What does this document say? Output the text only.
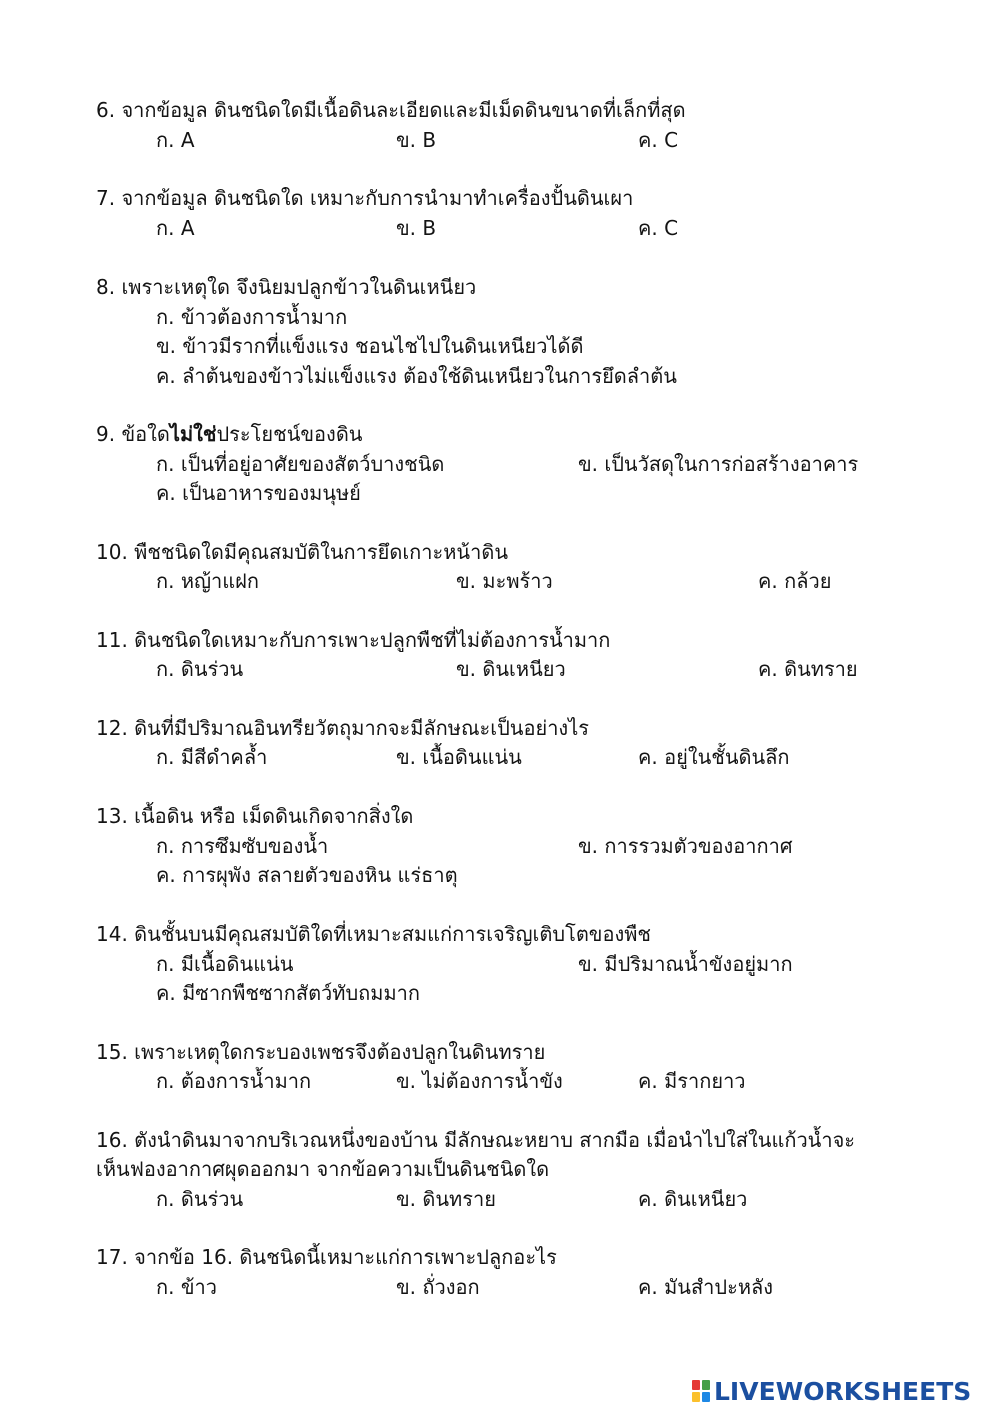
6. จากข้อมูล ดินชนิดใดมีเนื้อดินละเอียดและมีเม็ดดินขนาดที่เล็กที่สุด
ก. A	ข. B	ค. C
7. จากข้อมูล ดินชนิดใด เหมาะกับการนำมาทำเครื่องปั้นดินเผา
ก. A	ข. B	ค. C
8. เพราะเหตุใด จึงนิยมปลูกข้าวในดินเหนียว
ก. ข้าวต้องการน้ำมาก
ข. ข้าวมีรากที่แข็งแรง ชอนไชไปในดินเหนียวได้ดี
ค. ลำต้นของข้าวไม่แข็งแรง ต้องใช้ดินเหนียวในการยึดลำต้น
9. ข้อใดไม่ใช่ประโยชน์ของดิน
ก. เป็นที่อยู่อาศัยของสัตว์บางชนิด	ข. เป็นวัสดุในการก่อสร้างอาคาร
ค. เป็นอาหารของมนุษย์
10. พืชชนิดใดมีคุณสมบัติในการยึดเกาะหน้าดิน
ก. หญ้าแฝก	ข. มะพร้าว	ค. กล้วย
11. ดินชนิดใดเหมาะกับการเพาะปลูกพืชที่ไม่ต้องการน้ำมาก
ก. ดินร่วน	ข. ดินเหนียว	ค. ดินทราย
12. ดินที่มีปริมาณอินทรียวัตถุมากจะมีลักษณะเป็นอย่างไร
ก. มีสีดำคล้ำ	ข. เนื้อดินแน่น	ค. อยู่ในชั้นดินลึก
13. เนื้อดิน หรือ เม็ดดินเกิดจากสิ่งใด
ก. การซึมซับของน้ำ	ข. การรวมตัวของอากาศ
ค. การผุพัง สลายตัวของหิน แร่ธาตุ
14. ดินชั้นบนมีคุณสมบัติใดที่เหมาะสมแก่การเจริญเติบโตของพืช
ก. มีเนื้อดินแน่น	ข. มีปริมาณน้ำขังอยู่มาก
ค. มีซากพืชซากสัตว์ทับถมมาก
15. เพราะเหตุใดกระบองเพชรจึงต้องปลูกในดินทราย
ก. ต้องการน้ำมาก	ข. ไม่ต้องการน้ำขัง	ค. มีรากยาว
16. ตังนำดินมาจากบริเวณหนึ่งของบ้าน มีลักษณะหยาบ สากมือ เมื่อนำไปใส่ในแก้วน้ำจะ
เห็นฟองอากาศผุดออกมา จากข้อความเป็นดินชนิดใด
ก. ดินร่วน	ข. ดินทราย	ค. ดินเหนียว
17. จากข้อ 16. ดินชนิดนี้เหมาะแก่การเพาะปลูกอะไร
ก. ข้าว	ข. ถั่วงอก	ค. มันสำปะหลัง
LIVEWORKSHEETS
